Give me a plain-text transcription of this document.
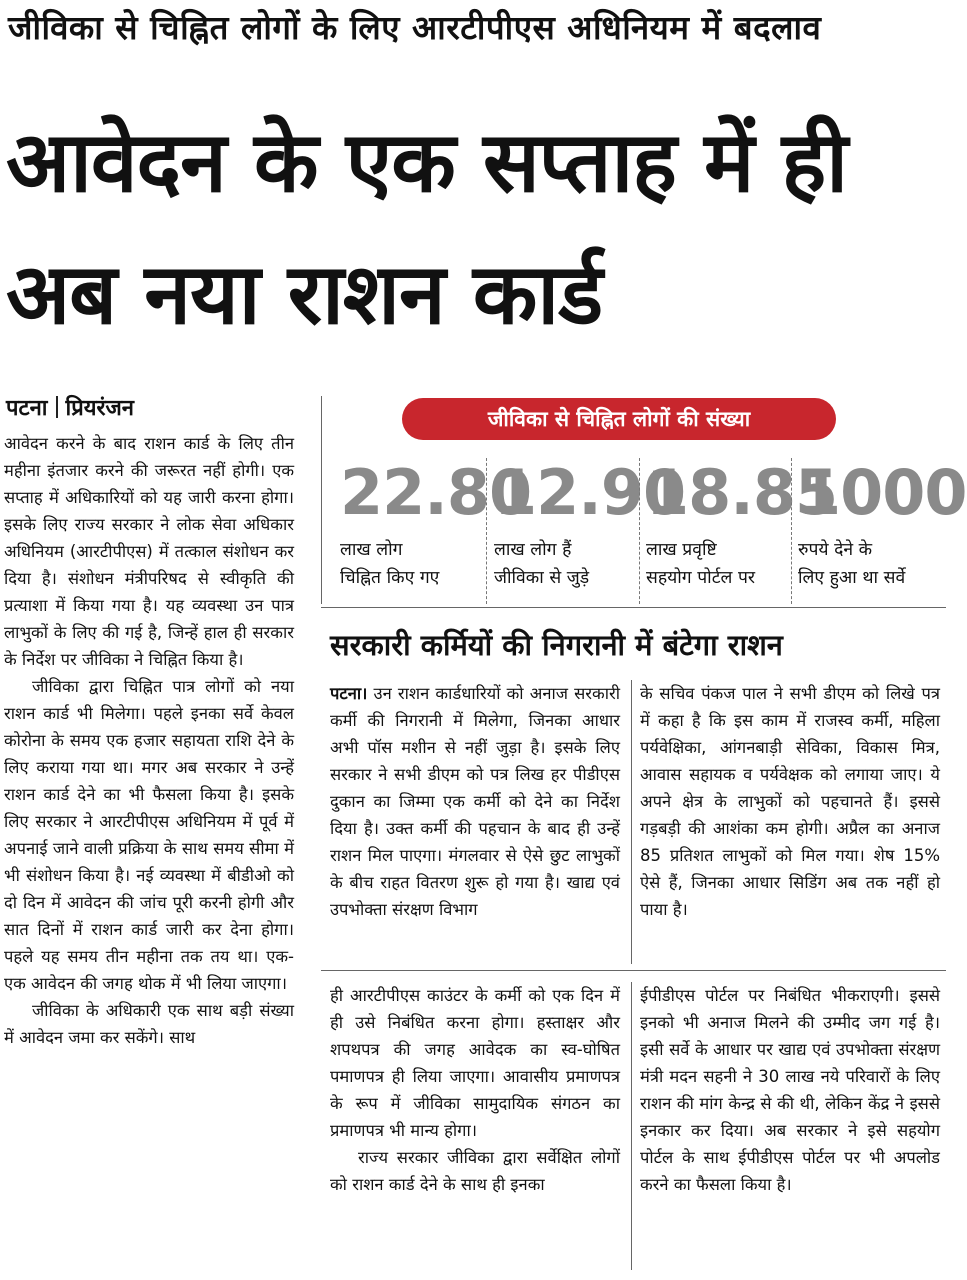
जीविका से चिह्नित लोगों के लिए आरटीपीएस अधिनियम में बदलाव
आवेदन के एक सप्ताह में ही अब नया राशन कार्ड
पटना प्रियरंजन

आवेदन करने के बाद राशन कार्ड के लिए तीन महीना इंतजार करने की जरूरत नहीं होगी। एक सप्ताह में अधिकारियों को यह जारी करना होगा। इसके लिए राज्य सरकार ने लोक सेवा अधिकार अधिनियम (आरटीपीएस) में तत्काल संशोधन कर दिया है। संशोधन मंत्रीपरिषद से स्वीकृति की प्रत्याशा में किया गया है। यह व्यवस्था उन पात्र लाभुकों के लिए की गई है, जिन्हें हाल ही सरकार के निर्देश पर जीविका ने चिह्नित किया है।

जीविका द्वारा चिह्नित पात्र लोगों को नया राशन कार्ड भी मिलेगा। पहले इनका सर्वे केवल कोरोना के समय एक हजार सहायता राशि देने के लिए कराया गया था। मगर अब सरकार ने उन्हें राशन कार्ड देने का भी फैसला किया है। इसके लिए सरकार ने आरटीपीएस अधिनियम में पूर्व में अपनाई जाने वाली प्रक्रिया के साथ समय सीमा में भी संशोधन किया है। नई व्यवस्था में बीडीओ को दो दिन में आवेदन की जांच पूरी करनी होगी और सात दिनों में राशन कार्ड जारी कर देना होगा। पहले यह समय तीन महीना तक तय था। एक-एक आवेदन की जगह थोक में भी लिया जाएगा।

जीविका के अधिकारी एक साथ बड़ी संख्या में आवेदन जमा कर सकेंगे। साथ

जीविका से चिह्नित लोगों की संख्या
22.80
लाख लोग
चिह्नित किए गए
12.90
लाख लोग हैं
जीविका से जुड़े
18.85
लाख प्रवृष्टि
सहयोग पोर्टल पर
1000
रुपये देने के
लिए हुआ था सर्वे
सरकारी कर्मियों की निगरानी में बंटेगा राशन

पटना। उन राशन कार्डधारियों को अनाज सरकारी कर्मी की निगरानी में मिलेगा, जिनका आधार अभी पॉस मशीन से नहीं जुड़ा है। इसके लिए सरकार ने सभी डीएम को पत्र लिख हर पीडीएस दुकान का जिम्मा एक कर्मी को देने का निर्देश दिया है। उक्त कर्मी की पहचान के बाद ही उन्हें राशन मिल पाएगा। मंगलवार से ऐसे छुट लाभुकों के बीच राहत वितरण शुरू हो गया है। खाद्य एवं उपभोक्ता संरक्षण विभाग

के सचिव पंकज पाल ने सभी डीएम को लिखे पत्र में कहा है कि इस काम में राजस्व कर्मी, महिला पर्यवेक्षिका, आंगनबाड़ी सेविका, विकास मित्र, आवास सहायक व पर्यवेक्षक को लगाया जाए। ये अपने क्षेत्र के लाभुकों को पहचानते हैं। इससे गड़बड़ी की आशंका कम होगी। अप्रैल का अनाज 85 प्रतिशत लाभुकों को मिल गया। शेष 15% ऐसे हैं, जिनका आधार सिडिंग अब तक नहीं हो पाया है।

ही आरटीपीएस काउंटर के कर्मी को एक दिन में ही उसे निबंधित करना होगा। हस्ताक्षर और शपथपत्र की जगह आवेदक का स्व-घोषित पमाणपत्र ही लिया जाएगा। आवासीय प्रमाणपत्र के रूप में जीविका सामुदायिक संगठन का प्रमाणपत्र भी मान्य होगा।

राज्य सरकार जीविका द्वारा सर्वेक्षित लोगों को राशन कार्ड देने के साथ ही इनका

ईपीडीएस पोर्टल पर निबंधित भीकराएगी। इससे इनको भी अनाज मिलने की उम्मीद जग गई है। इसी सर्वे के आधार पर खाद्य एवं उपभोक्ता संरक्षण मंत्री मदन सहनी ने 30 लाख नये परिवारों के लिए राशन की मांग केन्द्र से की थी, लेकिन केंद्र ने इससे इनकार कर दिया। अब सरकार ने इसे सहयोग पोर्टल के साथ ईपीडीएस पोर्टल पर भी अपलोड करने का फैसला किया है।
